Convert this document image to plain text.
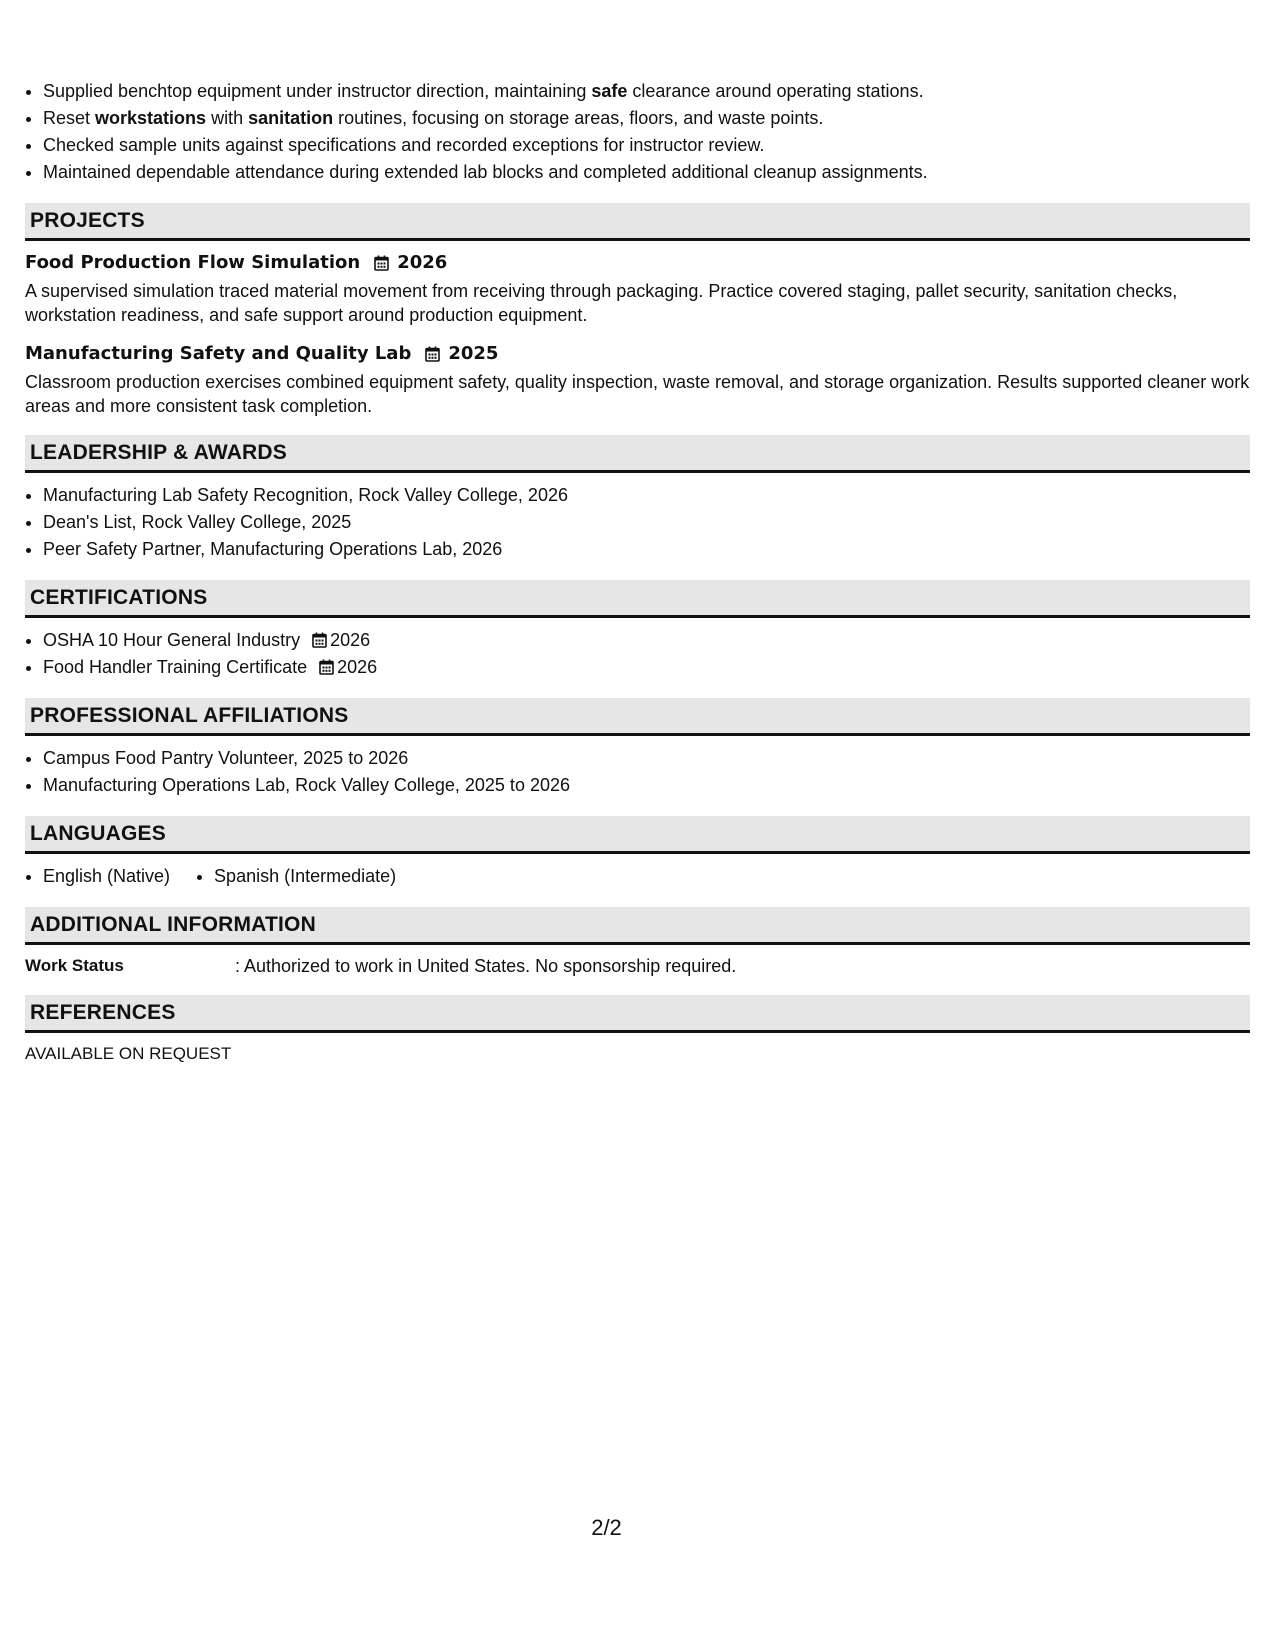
• Supplied benchtop equipment under instructor direction, maintaining safe clearance around operating stations.
• Reset workstations with sanitation routines, focusing on storage areas, floors, and waste points.
• Checked sample units against specifications and recorded exceptions for instructor review.
• Maintained dependable attendance during extended lab blocks and completed additional cleanup assignments.
PROJECTS
Food Production Flow Simulation 2026
A supervised simulation traced material movement from receiving through packaging. Practice covered staging, pallet security, sanitation checks, workstation readiness, and safe support around production equipment.
Manufacturing Safety and Quality Lab 2025
Classroom production exercises combined equipment safety, quality inspection, waste removal, and storage organization. Results supported cleaner work areas and more consistent task completion.
LEADERSHIP & AWARDS
• Manufacturing Lab Safety Recognition, Rock Valley College, 2026
• Dean's List, Rock Valley College, 2025
• Peer Safety Partner, Manufacturing Operations Lab, 2026
CERTIFICATIONS
• OSHA 10 Hour General Industry 2026
• Food Handler Training Certificate 2026
PROFESSIONAL AFFILIATIONS
• Campus Food Pantry Volunteer, 2025 to 2026
• Manufacturing Operations Lab, Rock Valley College, 2025 to 2026
LANGUAGES
• English (Native)
• Spanish (Intermediate)
ADDITIONAL INFORMATION
Work Status	: Authorized to work in United States. No sponsorship required.
REFERENCES
AVAILABLE ON REQUEST
2/2
